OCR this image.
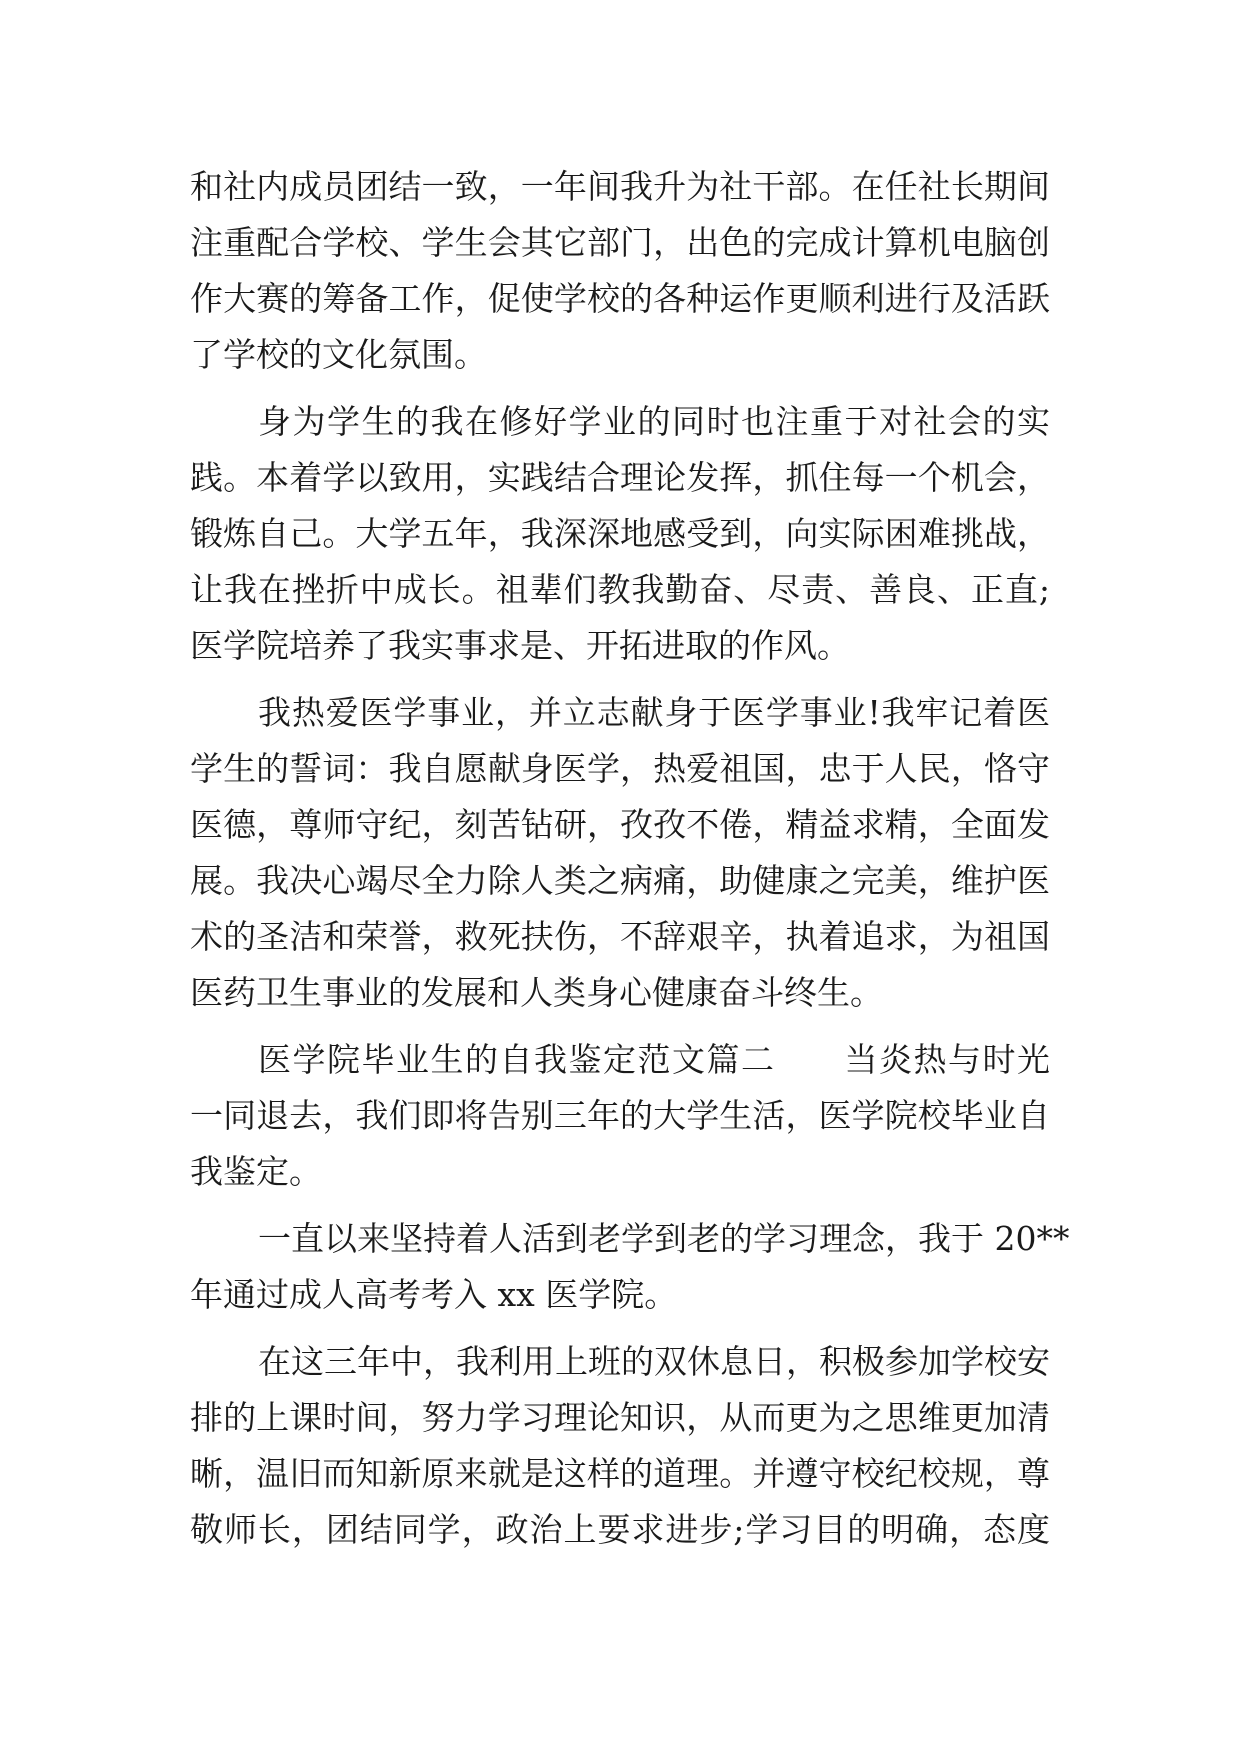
和社内成员团结一致，一年间我升为社干部。在任社长期间
注重配合学校、学生会其它部门，出色的完成计算机电脑创
作大赛的筹备工作，促使学校的各种运作更顺利进行及活跃
了学校的文化氛围。
身为学生的我在修好学业的同时也注重于对社会的实
践。本着学以致用，实践结合理论发挥，抓住每一个机会，
锻炼自己。大学五年，我深深地感受到，向实际困难挑战，
让我在挫折中成长。祖辈们教我勤奋、尽责、善良、正直;
医学院培养了我实事求是、开拓进取的作风。
我热爱医学事业，并立志献身于医学事业!我牢记着医
学生的誓词：我自愿献身医学，热爱祖国，忠于人民，恪守
医德，尊师守纪，刻苦钻研，孜孜不倦，精益求精，全面发
展。我决心竭尽全力除人类之病痛，助健康之完美，维护医
术的圣洁和荣誉，救死扶伤，不辞艰辛，执着追求，为祖国
医药卫生事业的发展和人类身心健康奋斗终生。
医学院毕业生的自我鉴定范文篇二　　当炎热与时光
一同退去，我们即将告别三年的大学生活，医学院校毕业自
我鉴定。
一直以来坚持着人活到老学到老的学习理念，我于 20**
年通过成人高考考入 xx 医学院。
在这三年中，我利用上班的双休息日，积极参加学校安
排的上课时间，努力学习理论知识，从而更为之思维更加清
晰，温旧而知新原来就是这样的道理。并遵守校纪校规，尊
敬师长，团结同学，政治上要求进步;学习目的明确，态度
